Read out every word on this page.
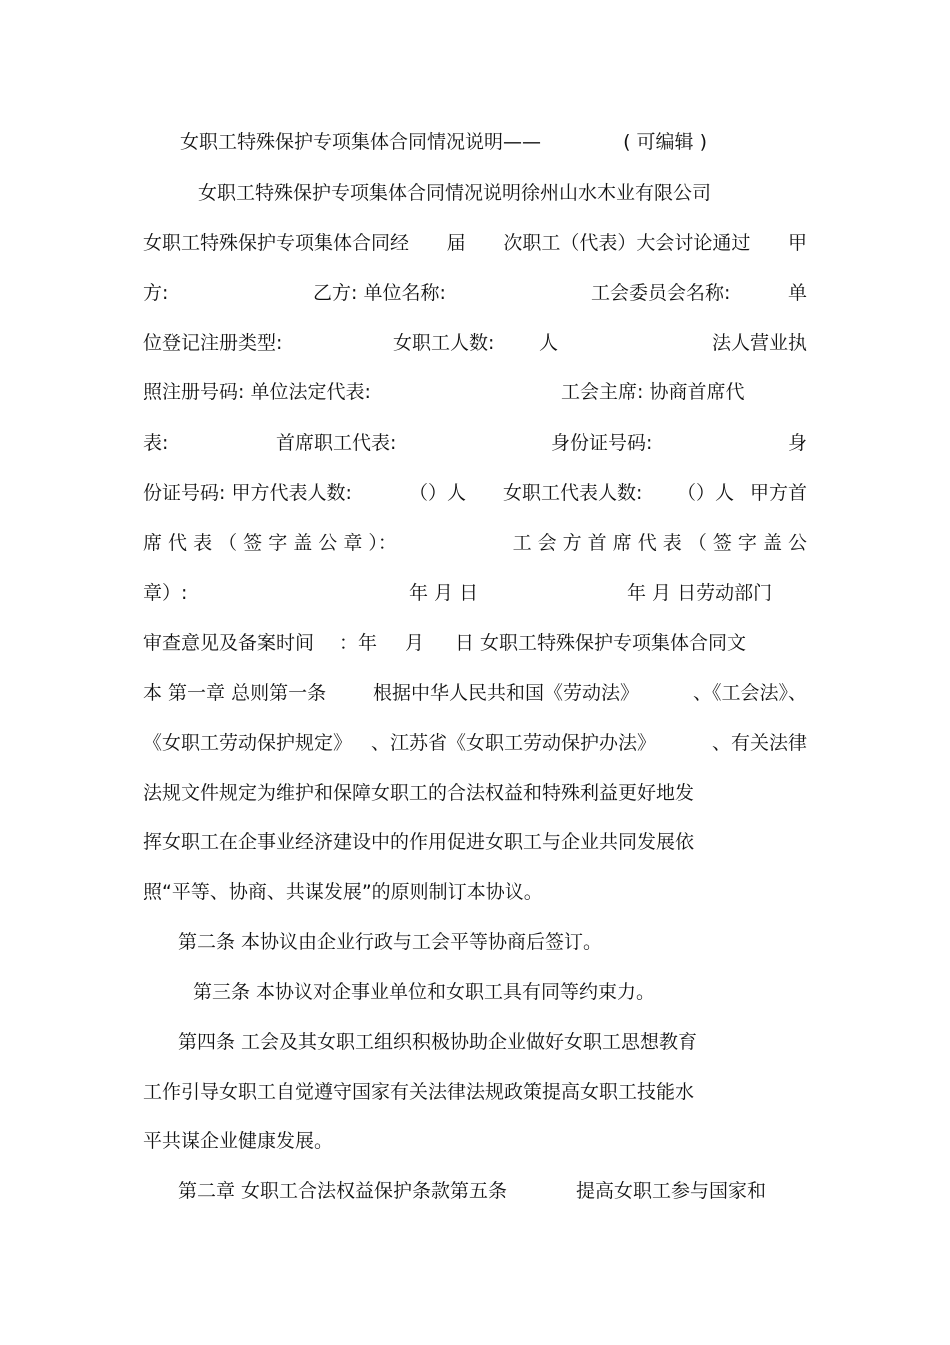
女职工特殊保护专项集体合同情况说明——	( 可编辑 )
女职工特殊保护专项集体合同情况说明徐州山水木业有限公司
女职工特殊保护专项集体合同经 届 次职工（代表）大会讨论通过 甲
方:	乙方: 单位名称:	工会委员会名称:	单
位登记注册类型:	女职工人数: 人	法人营业执
照注册号码: 单位法定代表:	工会主席: 协商首席代
表:	首席职工代表:	身份证号码:	身
份证号码: 甲方代表人数:	（）人 女职工代表人数: （）人 甲方首
席 代 表 （ 签 字 盖 公 章 ）：	工 会 方 首 席 代 表 （ 签 字 盖 公
章）:	年 月 日	年 月 日劳动部门
审查意见及备案时间 ：年 月 日 女职工特殊保护专项集体合同文
本 第一章 总则第一条 根据中华人民共和国《劳动法》	、《工会法》、
《女职工劳动保护规定》 、江苏省《女职工劳动保护办法》	、有关法律
法规文件规定为维护和保障女职工的合法权益和特殊利益更好地发
挥女职工在企事业经济建设中的作用促进女职工与企业共同发展依
照“平等、协商、共谋发展”的原则制订本协议。
第二条 本协议由企业行政与工会平等协商后签订。
第三条 本协议对企事业单位和女职工具有同等约束力。
第四条 工会及其女职工组织积极协助企业做好女职工思想教育
工作引导女职工自觉遵守国家有关法律法规政策提高女职工技能水
平共谋企业健康发展。
第二章 女职工合法权益保护条款第五条	提高女职工参与国家和
